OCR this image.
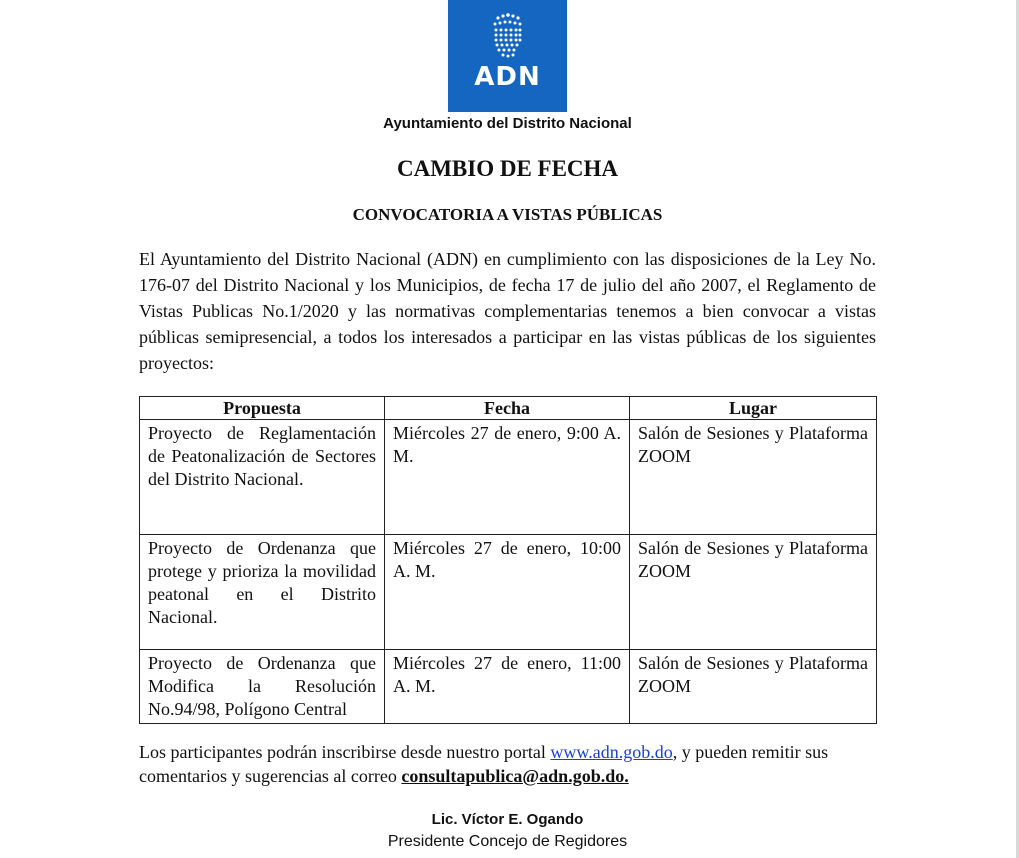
ADN
Ayuntamiento del Distrito Nacional
CAMBIO DE FECHA
CONVOCATORIA A VISTAS PÚBLICAS

El Ayuntamiento del Distrito Nacional (ADN) en cumplimiento con las disposiciones de la Ley No. 176-07 del Distrito Nacional y los Municipios, de fecha 17 de julio del año 2007, el Reglamento de Vistas Publicas No.1/2020 y las normativas complementarias tenemos a bien convocar a vistas públicas semipresencial, a todos los interesados a participar en las vistas públicas de los siguientes proyectos:

Propuesta	Fecha	Lugar
Proyecto de Reglamentación de Peatonalización de Sectores del Distrito Nacional.	Miércoles 27 de enero, 9:00 A. M.	Salón de Sesiones y Plataforma ZOOM
Proyecto de Ordenanza que protege y prioriza la movilidad peatonal en el Distrito Nacional.	Miércoles 27 de enero, 10:00 A. M.	Salón de Sesiones y Plataforma ZOOM
Proyecto de Ordenanza que Modifica la Resolución No.94/98, Polígono Central	Miércoles 27 de enero, 11:00 A. M.	Salón de Sesiones y Plataforma ZOOM

Los participantes podrán inscribirse desde nuestro portal www.adn.gob.do, y pueden remitir sus comentarios y sugerencias al correo consultapublica@adn.gob.do.

Lic. Víctor E. Ogando
Presidente Concejo de Regidores
